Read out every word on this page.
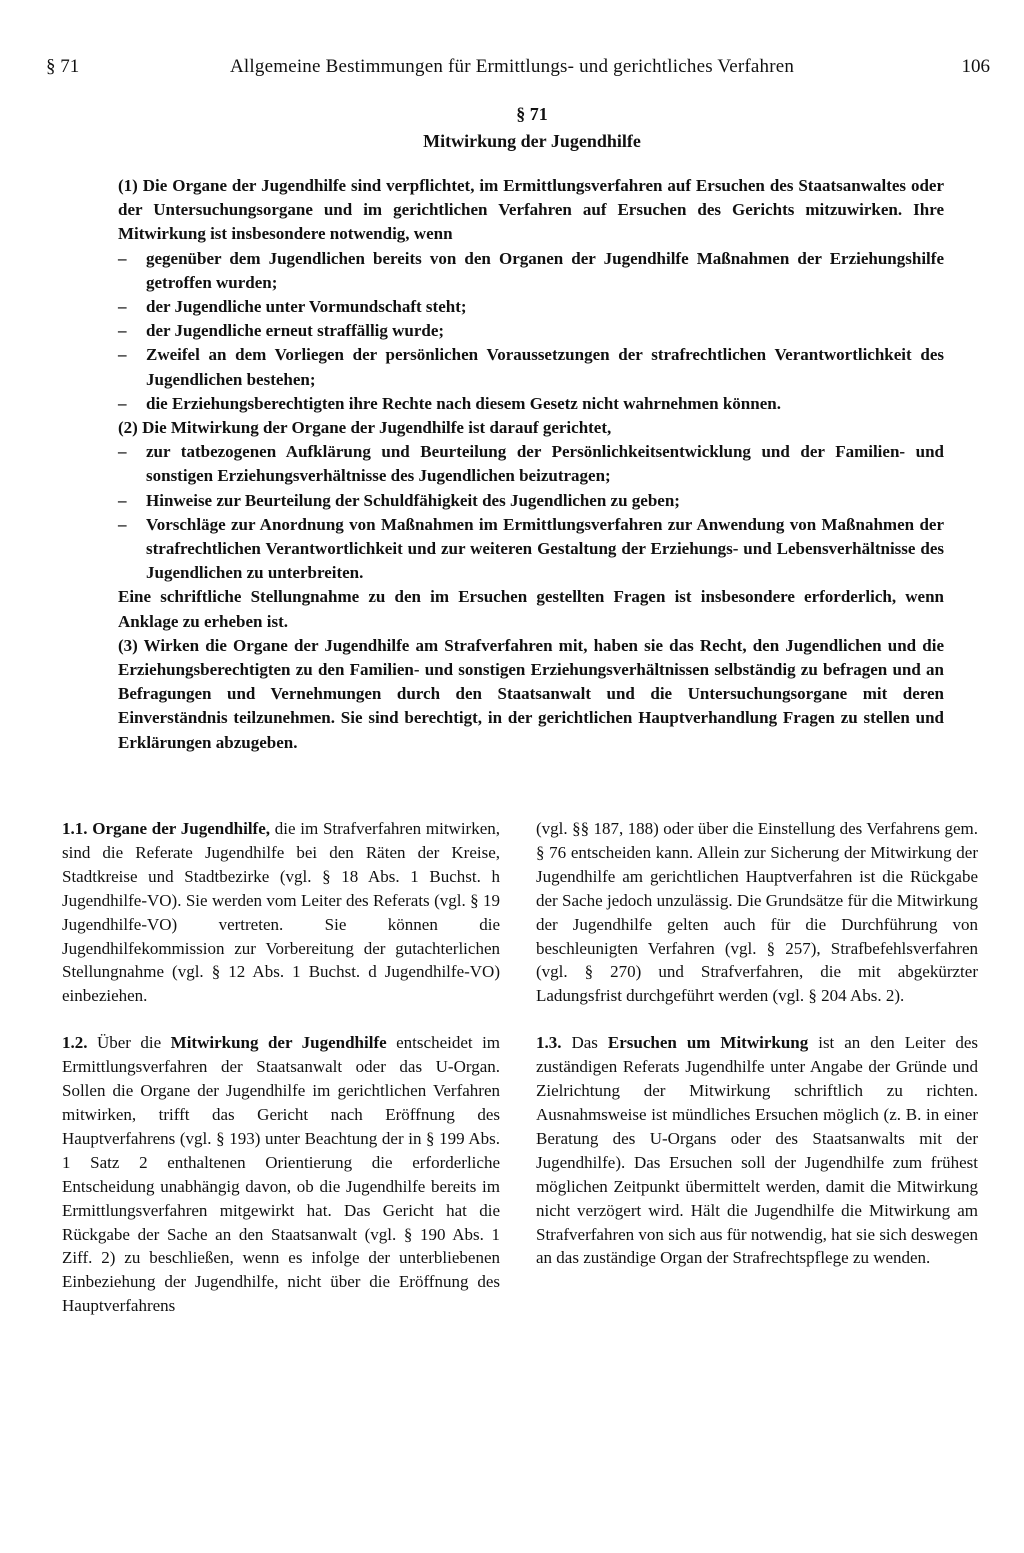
§ 71	Allgemeine Bestimmungen für Ermittlungs- und gerichtliches Verfahren	106
§ 71
Mitwirkung der Jugendhilfe

(1) Die Organe der Jugendhilfe sind verpflichtet, im Ermittlungsverfahren auf Ersuchen des Staatsanwaltes oder der Untersuchungsorgane und im gerichtlichen Verfahren auf Ersuchen des Gerichts mitzuwirken. Ihre Mitwirkung ist insbesondere notwendig, wenn

– gegenüber dem Jugendlichen bereits von den Organen der Jugendhilfe Maßnahmen der Erziehungshilfe getroffen wurden;
– der Jugendliche unter Vormundschaft steht;
– der Jugendliche erneut straffällig wurde;
– Zweifel an dem Vorliegen der persönlichen Voraussetzungen der strafrechtlichen Verantwortlichkeit des Jugendlichen bestehen;
– die Erziehungsberechtigten ihre Rechte nach diesem Gesetz nicht wahrnehmen können.

(2) Die Mitwirkung der Organe der Jugendhilfe ist darauf gerichtet,

– zur tatbezogenen Aufklärung und Beurteilung der Persönlichkeitsentwicklung und der Familien- und sonstigen Erziehungsverhältnisse des Jugendlichen beizutragen;
– Hinweise zur Beurteilung der Schuldfähigkeit des Jugendlichen zu geben;
– Vorschläge zur Anordnung von Maßnahmen im Ermittlungsverfahren zur Anwendung von Maßnahmen der strafrechtlichen Verantwortlichkeit und zur weiteren Gestaltung der Erziehungs- und Lebensverhältnisse des Jugendlichen zu unterbreiten.

Eine schriftliche Stellungnahme zu den im Ersuchen gestellten Fragen ist insbesondere erforderlich, wenn Anklage zu erheben ist.

(3) Wirken die Organe der Jugendhilfe am Strafverfahren mit, haben sie das Recht, den Jugendlichen und die Erziehungsberechtigten zu den Familien- und sonstigen Erziehungsverhältnissen selbständig zu befragen und an Befragungen und Vernehmungen durch den Staatsanwalt und die Untersuchungsorgane mit deren Einverständnis teilzunehmen. Sie sind berechtigt, in der gerichtlichen Hauptverhandlung Fragen zu stellen und Erklärungen abzugeben.

1.1. Organe der Jugendhilfe, die im Strafverfahren mitwirken, sind die Referate Jugendhilfe bei den Räten der Kreise, Stadtkreise und Stadtbezirke (vgl. § 18 Abs. 1 Buchst. h Jugendhilfe-VO). Sie werden vom Leiter des Referats (vgl. § 19 Jugendhilfe-VO) vertreten. Sie können die Jugendhilfekommission zur Vorbereitung der gutachterlichen Stellungnahme (vgl. § 12 Abs. 1 Buchst. d Jugendhilfe-VO) einbeziehen.

1.2. Über die Mitwirkung der Jugendhilfe entscheidet im Ermittlungsverfahren der Staatsanwalt oder das U-Organ. Sollen die Organe der Jugendhilfe im gerichtlichen Verfahren mitwirken, trifft das Gericht nach Eröffnung des Hauptverfahrens (vgl. § 193) unter Beachtung der in § 199 Abs. 1 Satz 2 enthaltenen Orientierung die erforderliche Entscheidung unabhängig davon, ob die Jugendhilfe bereits im Ermittlungsverfahren mitgewirkt hat. Das Gericht hat die Rückgabe der Sache an den Staatsanwalt (vgl. § 190 Abs. 1 Ziff. 2) zu beschließen, wenn es infolge der unterbliebenen Einbeziehung der Jugendhilfe, nicht über die Eröffnung des Hauptverfahrens

(vgl. §§ 187, 188) oder über die Einstellung des Verfahrens gem. § 76 entscheiden kann. Allein zur Sicherung der Mitwirkung der Jugendhilfe am gerichtlichen Hauptverfahren ist die Rückgabe der Sache jedoch unzulässig. Die Grundsätze für die Mitwirkung der Jugendhilfe gelten auch für die Durchführung von beschleunigten Verfahren (vgl. § 257), Strafbefehlsverfahren (vgl. § 270) und Strafverfahren, die mit abgekürzter Ladungsfrist durchgeführt werden (vgl. § 204 Abs. 2).

1.3. Das Ersuchen um Mitwirkung ist an den Leiter des zuständigen Referats Jugendhilfe unter Angabe der Gründe und Zielrichtung der Mitwirkung schriftlich zu richten. Ausnahmsweise ist mündliches Ersuchen möglich (z. B. in einer Beratung des U-Organs oder des Staatsanwalts mit der Jugendhilfe). Das Ersuchen soll der Jugendhilfe zum frühest möglichen Zeitpunkt übermittelt werden, damit die Mitwirkung nicht verzögert wird. Hält die Jugendhilfe die Mitwirkung am Strafverfahren von sich aus für notwendig, hat sie sich deswegen an das zuständige Organ der Strafrechtspflege zu wenden.
